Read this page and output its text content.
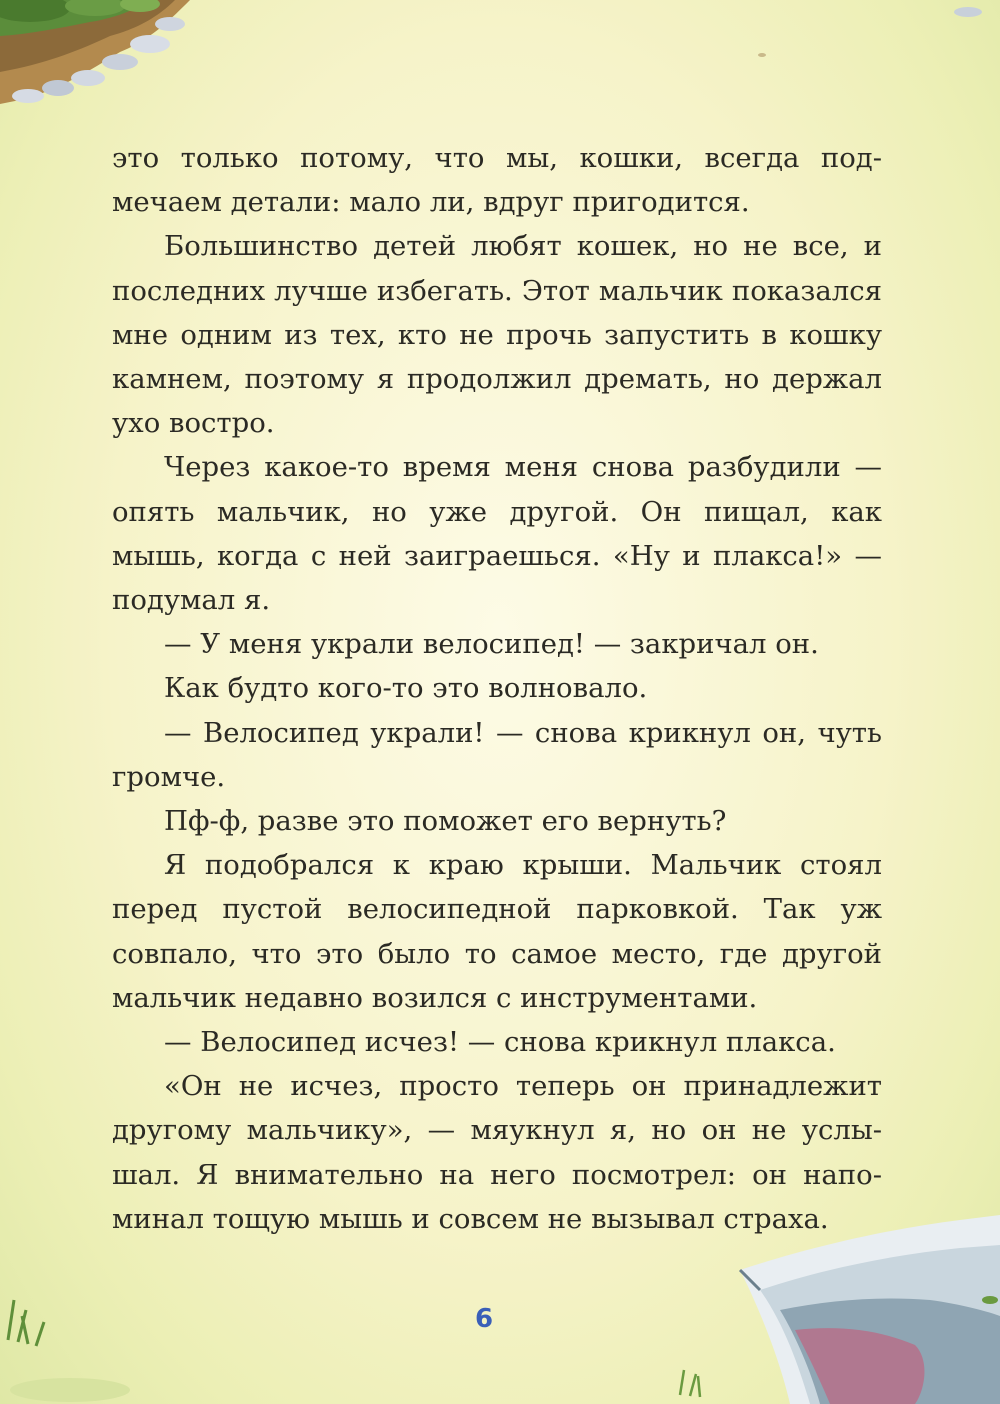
это только потому, что мы, кошки, всегда подмечаем детали: мало ли, вдруг пригодится.

Большинство детей любят кошек, но не все, и последних лучше избегать. Этот мальчик показался мне одним из тех, кто не прочь запустить в кошку камнем, поэтому я продолжил дремать, но держал ухо востро.

Через какое-то время меня снова разбудили — опять мальчик, но уже другой. Он пищал, как мышь, когда с ней заиграешься. «Ну и плакса!» — подумал я.

— У меня украли велосипед! — закричал он.

Как будто кого-то это волновало.

— Велосипед украли! — снова крикнул он, чуть громче.

Пф-ф, разве это поможет его вернуть?

Я подобрался к краю крыши. Мальчик стоял перед пустой велосипедной парковкой. Так уж совпало, что это было то самое место, где другой мальчик недавно возился с инструментами.

— Велосипед исчез! — снова крикнул плакса.

«Он не исчез, просто теперь он принадлежит другому мальчику», — мяукнул я, но он не услышал. Я внимательно на него посмотрел: он напоминал тощую мышь и совсем не вызывал страха.

6
